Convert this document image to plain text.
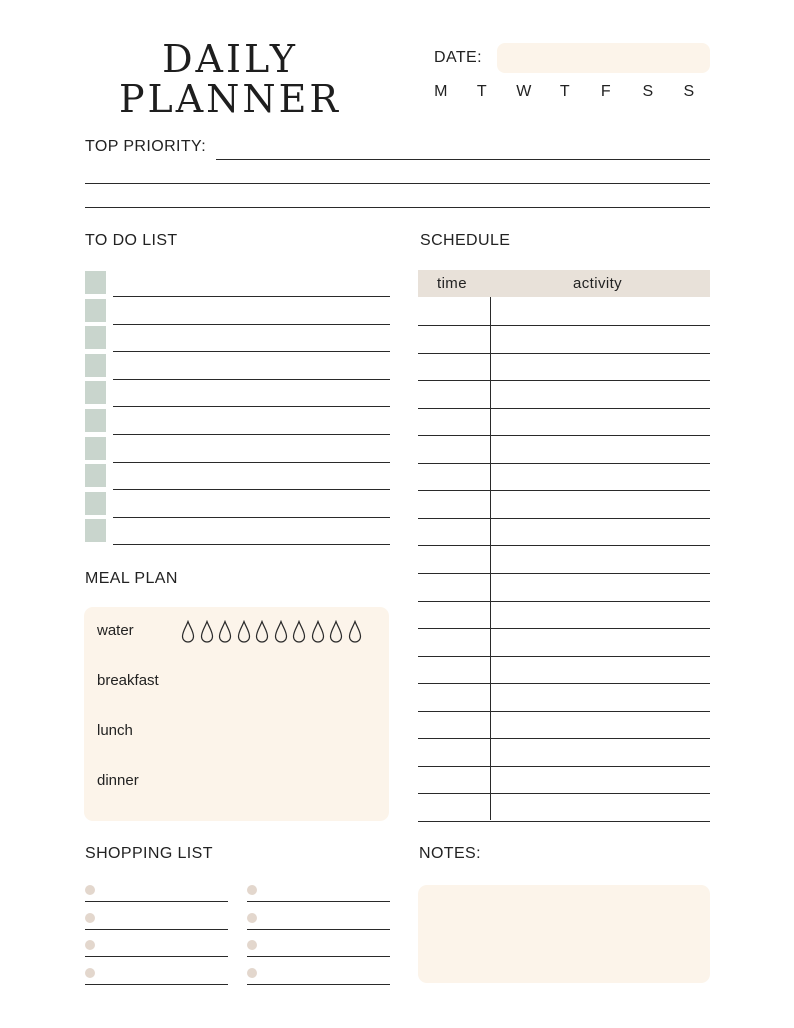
DAILY
PLANNER
DATE:
M	T	W	T	F	S S
TOP PRIORITY:
TO DO LIST	SCHEDULE
time	activity
MEAL PLAN
water
breakfast
lunch
dinner
SHOPPING LIST	NOTES:
